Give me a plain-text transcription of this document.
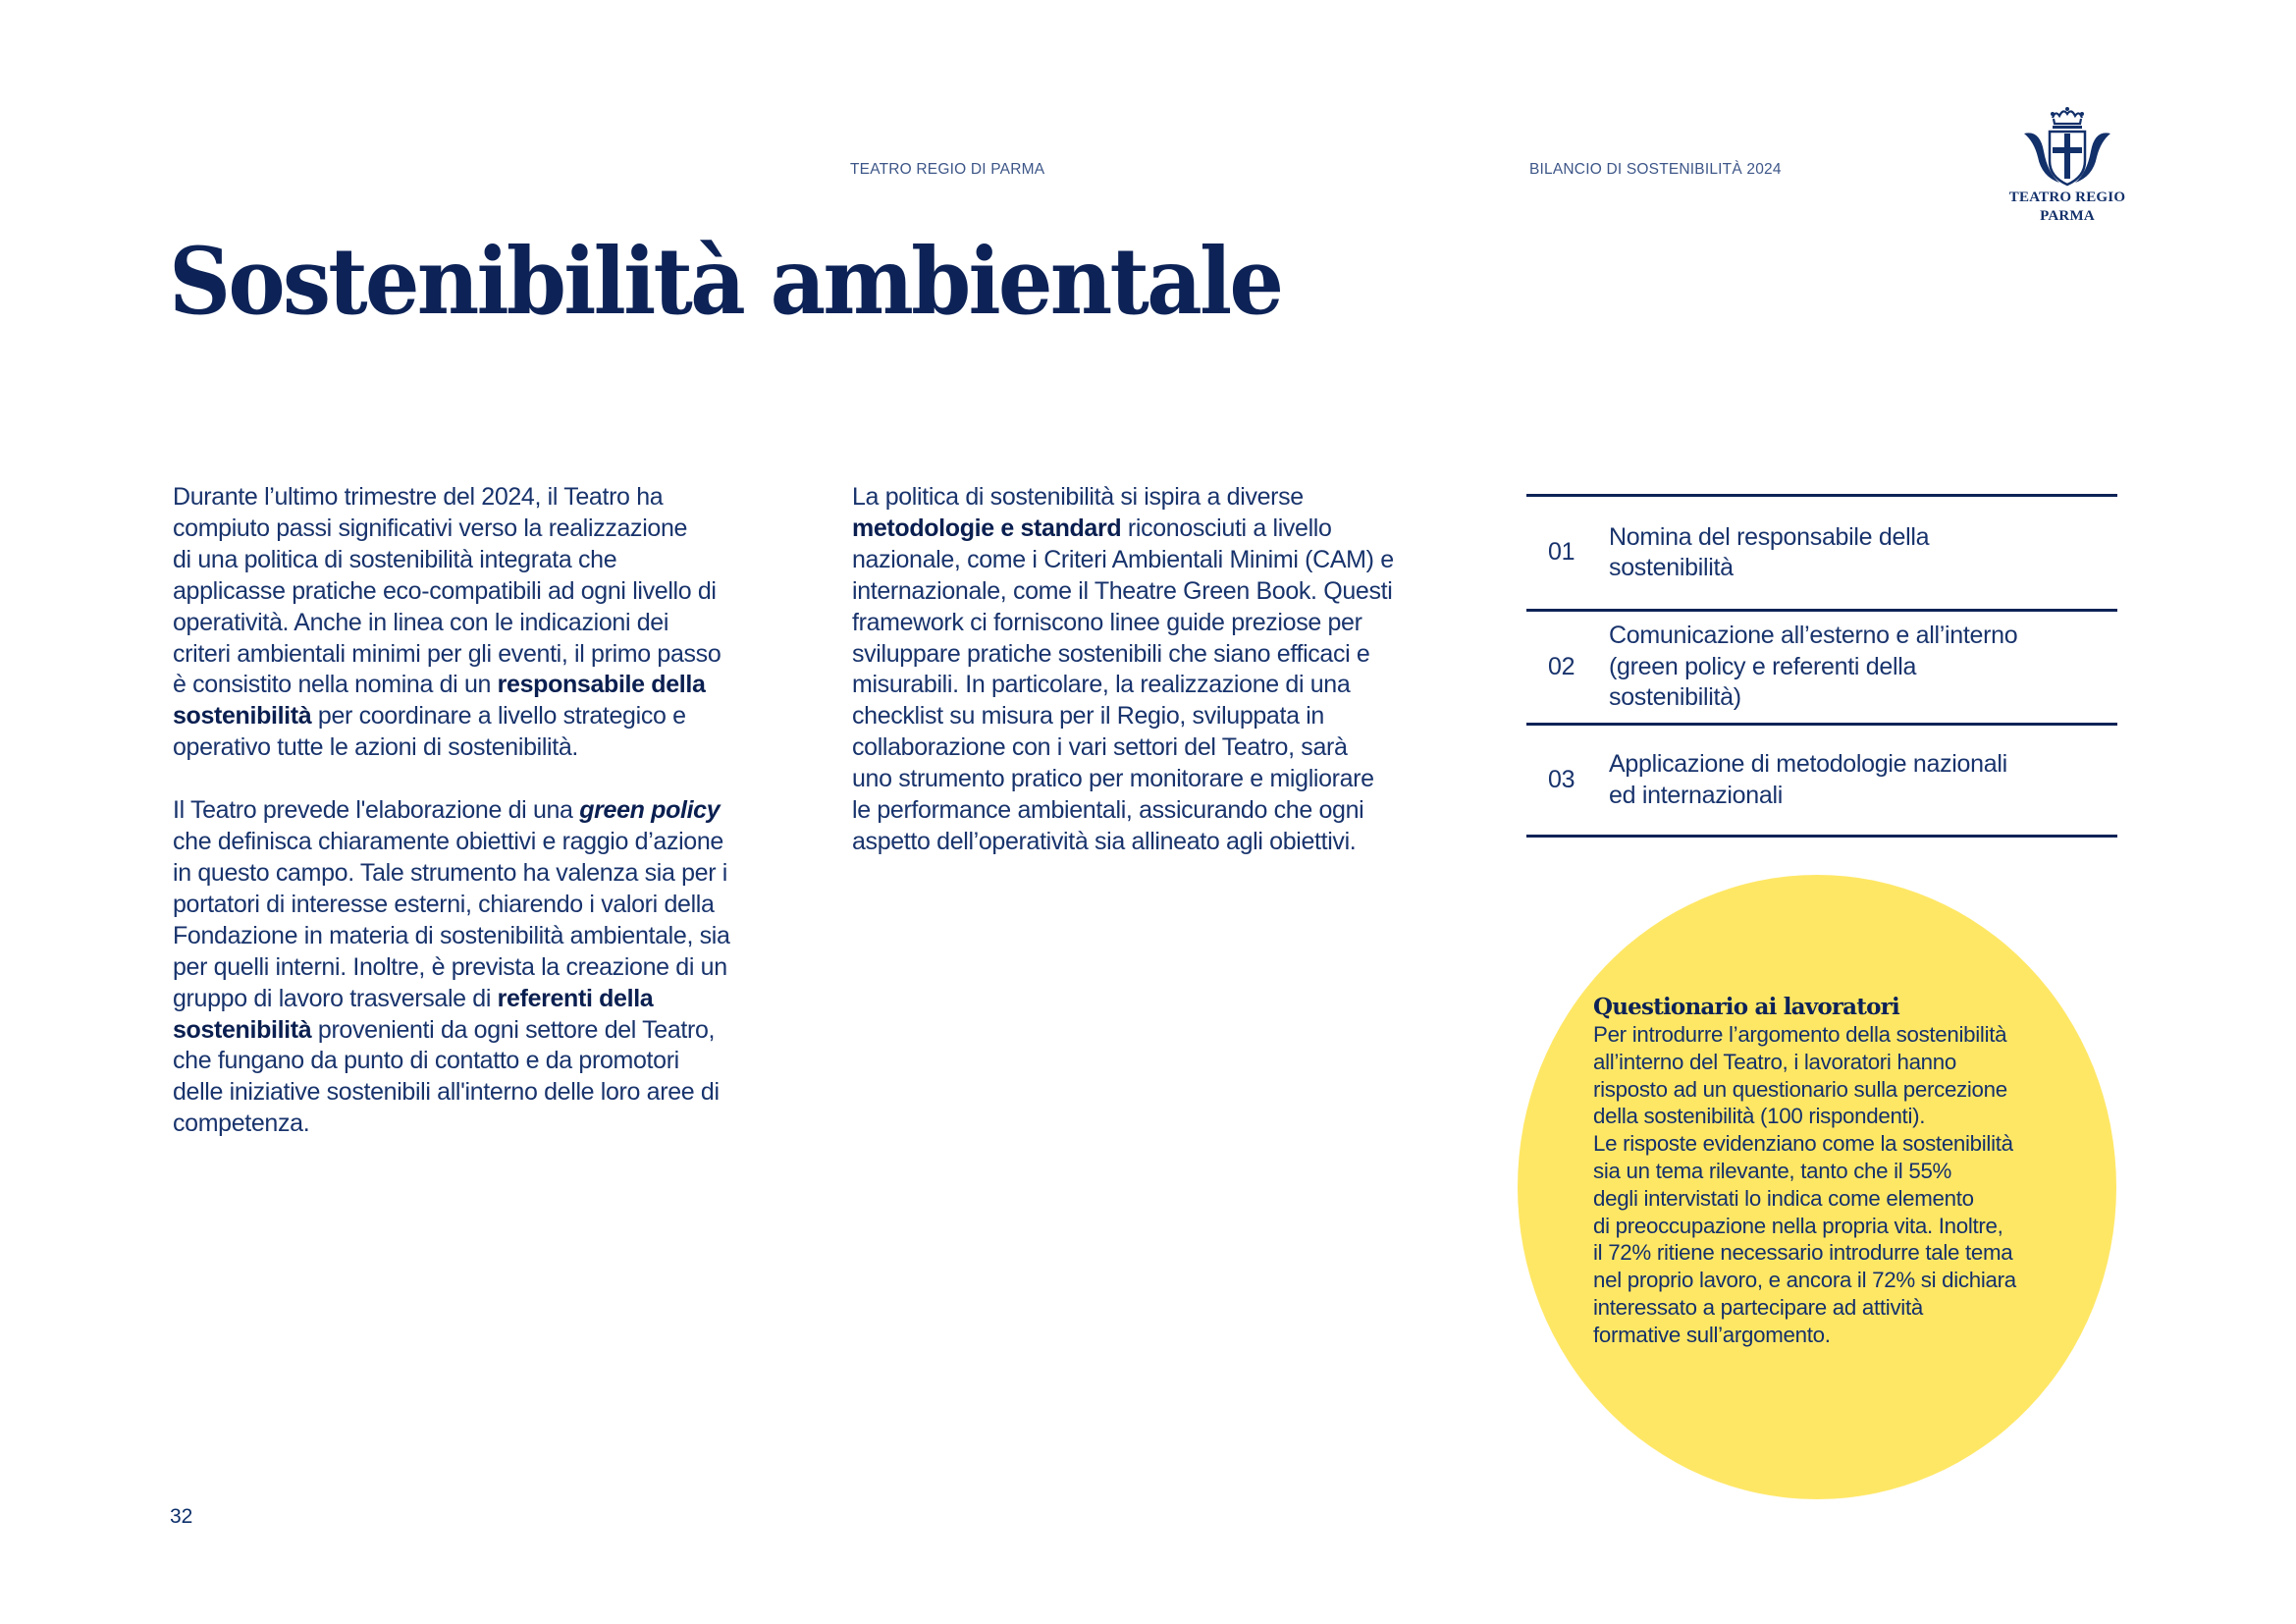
TEATRO REGIO DI PARMA	BILANCIO DI SOSTENIBILITÀ 2024
TEATRO REGIO
PARMA
Sostenibilità ambientale

Durante l’ultimo trimestre del 2024, il Teatro ha
compiuto passi significativi verso la realizzazione
di una politica di sostenibilità integrata che
applicasse pratiche eco-compatibili ad ogni livello di
operatività. Anche in linea con le indicazioni dei
criteri ambientali minimi per gli eventi, il primo passo
è consistito nella nomina di un responsabile della
sostenibilità per coordinare a livello strategico e
operativo tutte le azioni di sostenibilità.

Il Teatro prevede l'elaborazione di una green policy
che definisca chiaramente obiettivi e raggio d’azione
in questo campo. Tale strumento ha valenza sia per i
portatori di interesse esterni, chiarendo i valori della
Fondazione in materia di sostenibilità ambientale, sia
per quelli interni. Inoltre, è prevista la creazione di un
gruppo di lavoro trasversale di referenti della
sostenibilità provenienti da ogni settore del Teatro,
che fungano da punto di contatto e da promotori
delle iniziative sostenibili all'interno delle loro aree di
competenza.

La politica di sostenibilità si ispira a diverse
metodologie e standard riconosciuti a livello
nazionale, come i Criteri Ambientali Minimi (CAM) e
internazionale, come il Theatre Green Book. Questi
framework ci forniscono linee guide preziose per
sviluppare pratiche sostenibili che siano efficaci e
misurabili. In particolare, la realizzazione di una
checklist su misura per il Regio, sviluppata in
collaborazione con i vari settori del Teatro, sarà
uno strumento pratico per monitorare e migliorare
le performance ambientali, assicurando che ogni
aspetto dell’operatività sia allineato agli obiettivi.

01
Nomina del responsabile della
sostenibilità
02
Comunicazione all’esterno e all’interno
(green policy e referenti della
sostenibilità)
03
Applicazione di metodologie nazionali
ed internazionali

Questionario ai lavoratori

Per introdurre l’argomento della sostenibilità
all’interno del Teatro, i lavoratori hanno
risposto ad un questionario sulla percezione
della sostenibilità (100 rispondenti).
Le risposte evidenziano come la sostenibilità
sia un tema rilevante, tanto che il 55%
degli intervistati lo indica come elemento
di preoccupazione nella propria vita. Inoltre,
il 72% ritiene necessario introdurre tale tema
nel proprio lavoro, e ancora il 72% si dichiara
interessato a partecipare ad attività
formative sull’argomento.

32
